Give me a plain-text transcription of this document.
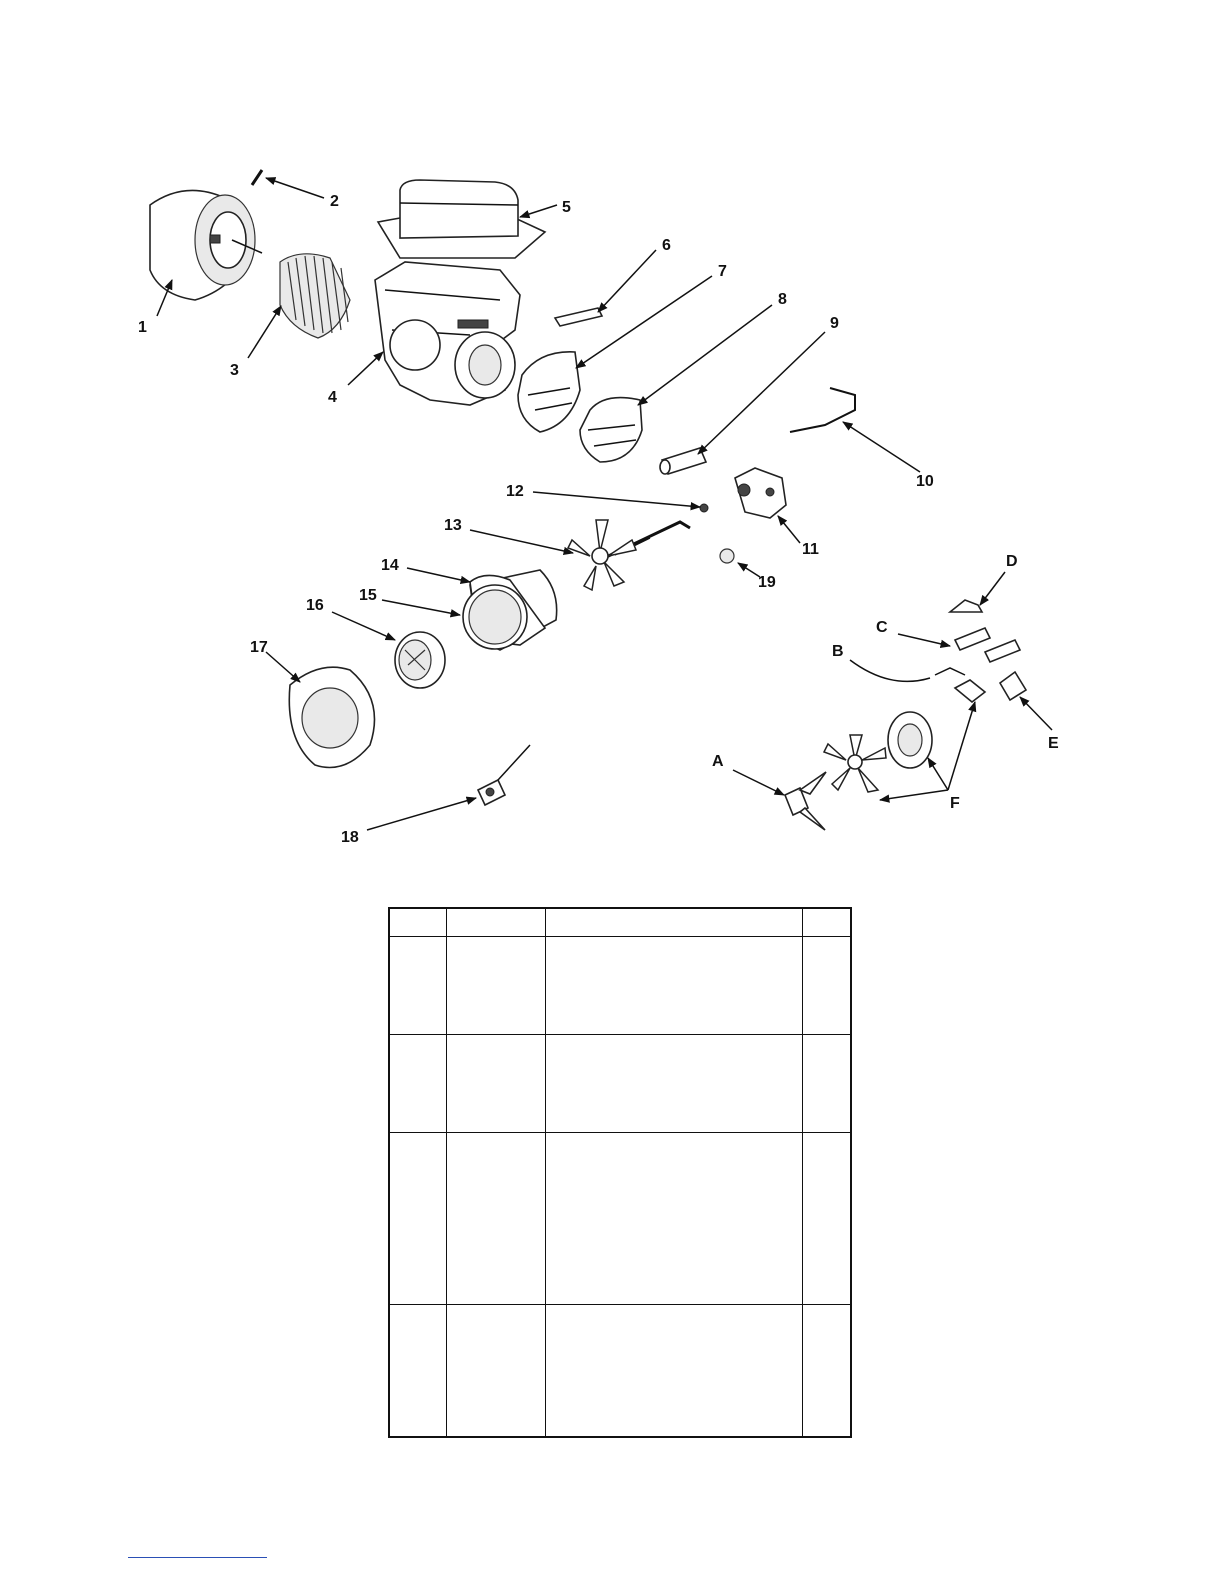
1
2
3
4
5
6
7
8
9
10
11
12
13
14
15
16
17
18
19
A
B
C
D
E
F
